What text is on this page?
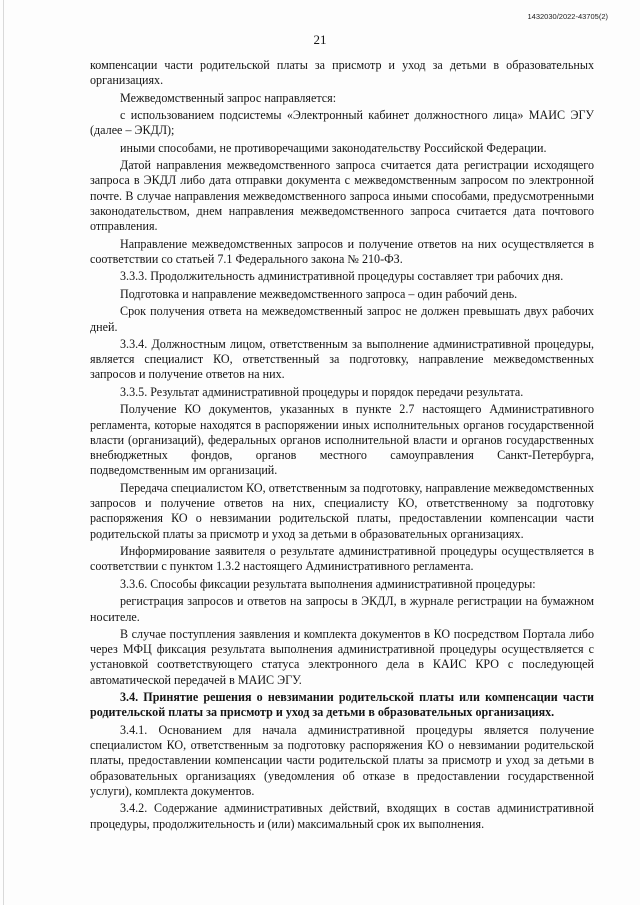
1432030/2022-43705(2)
21

компенсации части родительской платы за присмотр и уход за детьми в образовательных организациях.

Межведомственный запрос направляется:

с использованием подсистемы «Электронный кабинет должностного лица» МАИС ЭГУ (далее – ЭКДЛ);

иными способами, не противоречащими законодательству Российской Федерации.

Датой направления межведомственного запроса считается дата регистрации исходящего запроса в ЭКДЛ либо дата отправки документа с межведомственным запросом по электронной почте. В случае направления межведомственного запроса иными способами, предусмотренными законодательством, днем направления межведомственного запроса считается дата почтового отправления.

Направление межведомственных запросов и получение ответов на них осуществляется в соответствии со статьей 7.1 Федерального закона № 210-ФЗ.

3.3.3. Продолжительность административной процедуры составляет три рабочих дня.

Подготовка и направление межведомственного запроса – один рабочий день.

Срок получения ответа на межведомственный запрос не должен превышать двух рабочих дней.

3.3.4. Должностным лицом, ответственным за выполнение административной процедуры, является специалист КО, ответственный за подготовку, направление межведомственных запросов и получение ответов на них.

3.3.5. Результат административной процедуры и порядок передачи результата.

Получение КО документов, указанных в пункте 2.7 настоящего Административного регламента, которые находятся в распоряжении иных исполнительных органов государственной власти (организаций), федеральных органов исполнительной власти и органов государственных внебюджетных фондов, органов местного самоуправления Санкт-Петербурга, подведомственным им организаций.

Передача специалистом КО, ответственным за подготовку, направление межведомственных запросов и получение ответов на них, специалисту КО, ответственному за подготовку распоряжения КО о невзимании родительской платы, предоставлении компенсации части родительской платы за присмотр и уход за детьми в образовательных организациях.

Информирование заявителя о результате административной процедуры осуществляется в соответствии с пунктом 1.3.2 настоящего Административного регламента.

3.3.6. Способы фиксации результата выполнения административной процедуры:

регистрация запросов и ответов на запросы в ЭКДЛ, в журнале регистрации на бумажном носителе.

В случае поступления заявления и комплекта документов в КО посредством Портала либо через МФЦ фиксация результата выполнения административной процедуры осуществляется с установкой соответствующего статуса электронного дела в КАИС КРО с последующей автоматической передачей в МАИС ЭГУ.

3.4. Принятие решения о невзимании родительской платы или компенсации части родительской платы за присмотр и уход за детьми в образовательных организациях.

3.4.1. Основанием для начала административной процедуры является получение специалистом КО, ответственным за подготовку распоряжения КО о невзимании родительской платы, предоставлении компенсации части родительской платы за присмотр и уход за детьми в образовательных организациях (уведомления об отказе в предоставлении государственной услуги), комплекта документов.

3.4.2. Содержание административных действий, входящих в состав административной процедуры, продолжительность и (или) максимальный срок их выполнения.
